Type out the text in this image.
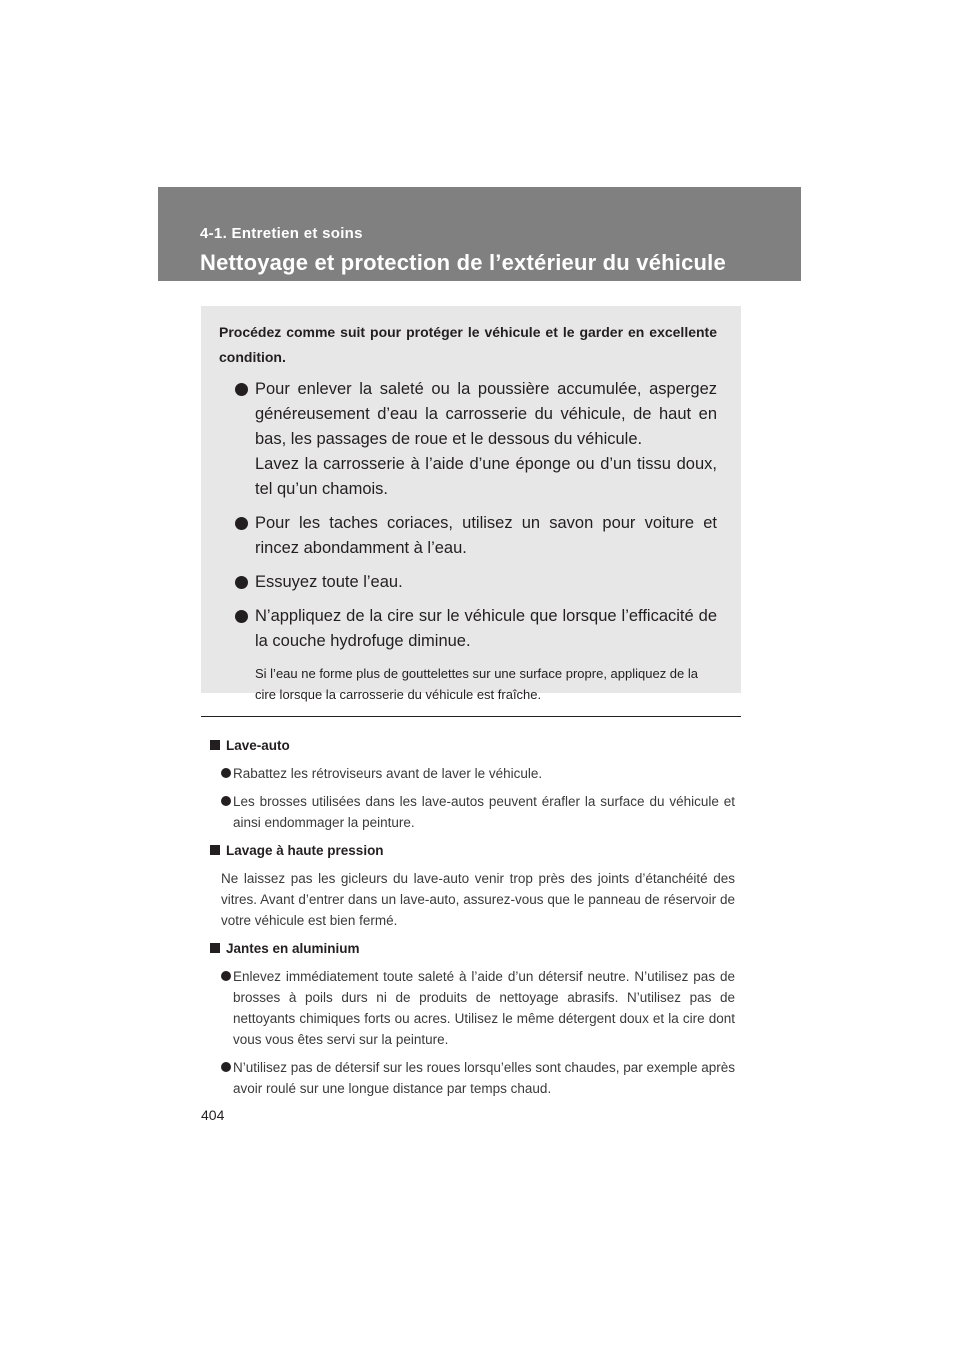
4-1. Entretien et soins
Nettoyage et protection de l’extérieur du véhicule

Procédez comme suit pour protéger le véhicule et le garder en excellente condition.

Pour enlever la saleté ou la poussière accumulée, aspergez généreusement d’eau la carrosserie du véhicule, de haut en bas, les passages de roue et le dessous du véhicule.
Lavez la carrosserie à l’aide d’une éponge ou d’un tissu doux, tel qu’un chamois.
Pour les taches coriaces, utilisez un savon pour voiture et rincez abondamment à l’eau.
Essuyez toute l’eau.
N’appliquez de la cire sur le véhicule que lorsque l’efficacité de la couche hydrofuge diminue.
Si l’eau ne forme plus de gouttelettes sur une surface propre, appliquez de la cire lorsque la carrosserie du véhicule est fraîche.
Lave-auto
Rabattez les rétroviseurs avant de laver le véhicule.
Les brosses utilisées dans les lave-autos peuvent érafler la surface du véhicule et ainsi endommager la peinture.
Lavage à haute pression
Ne laissez pas les gicleurs du lave-auto venir trop près des joints d’étanchéité des vitres. Avant d’entrer dans un lave-auto, assurez-vous que le panneau de réservoir de votre véhicule est bien fermé.
Jantes en aluminium
Enlevez immédiatement toute saleté à l’aide d’un détersif neutre. N’utilisez pas de brosses à poils durs ni de produits de nettoyage abrasifs. N’utilisez pas de nettoyants chimiques forts ou acres. Utilisez le même détergent doux et la cire dont vous vous êtes servi sur la peinture.
N’utilisez pas de détersif sur les roues lorsqu’elles sont chaudes, par exemple après avoir roulé sur une longue distance par temps chaud.
404
